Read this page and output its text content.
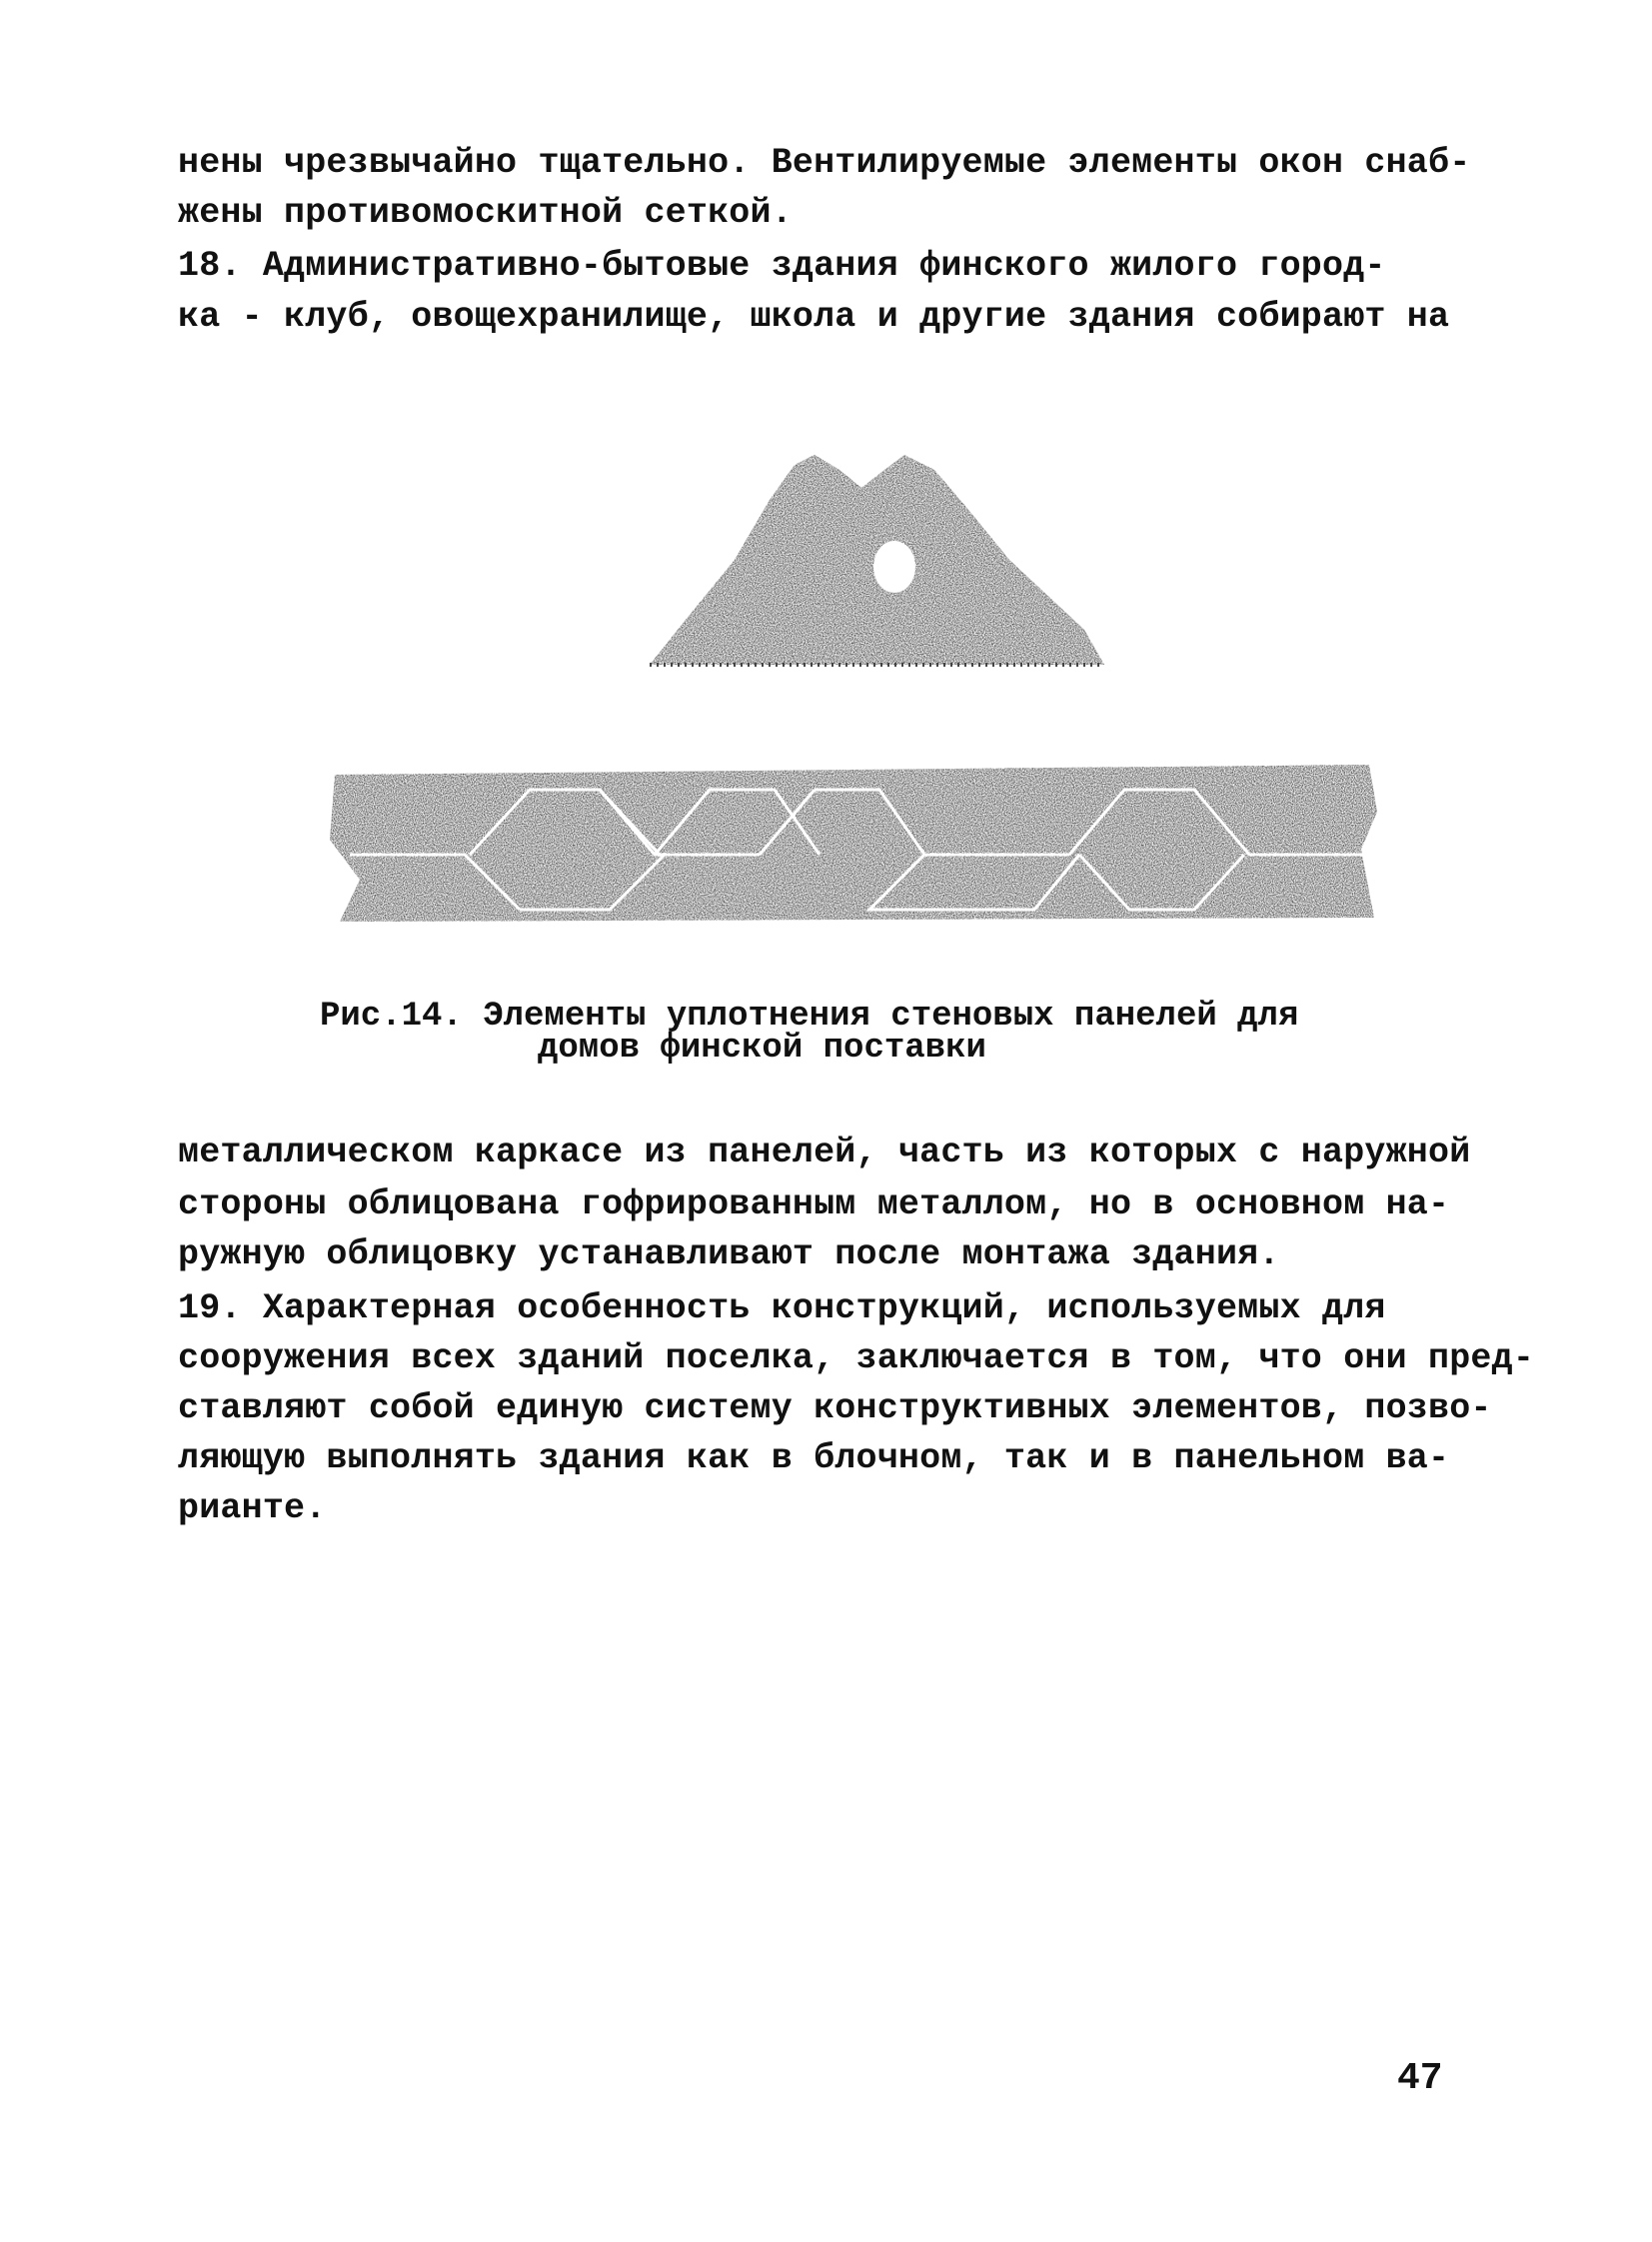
нены чрезвычайно тщательно. Вентилируемые элементы окон снаб-
жены противомоскитной сеткой.
18. Административно-бытовые здания финского жилого город-
ка - клуб, овощехранилище, школа и другие здания собирают на
Рис.14. Элементы уплотнения стеновых панелей для
домов финской поставки
металлическом каркасе из панелей, часть из которых с наружной
стороны облицована гофрированным металлом, но в основном на-
ружную облицовку устанавливают после монтажа здания.
19. Характерная особенность конструкций, используемых для
сооружения всех зданий поселка, заключается в том, что они пред-
ставляют собой единую систему конструктивных элементов, позво-
ляющую выполнять здания как в блочном, так и в панельном ва-
рианте.
47
